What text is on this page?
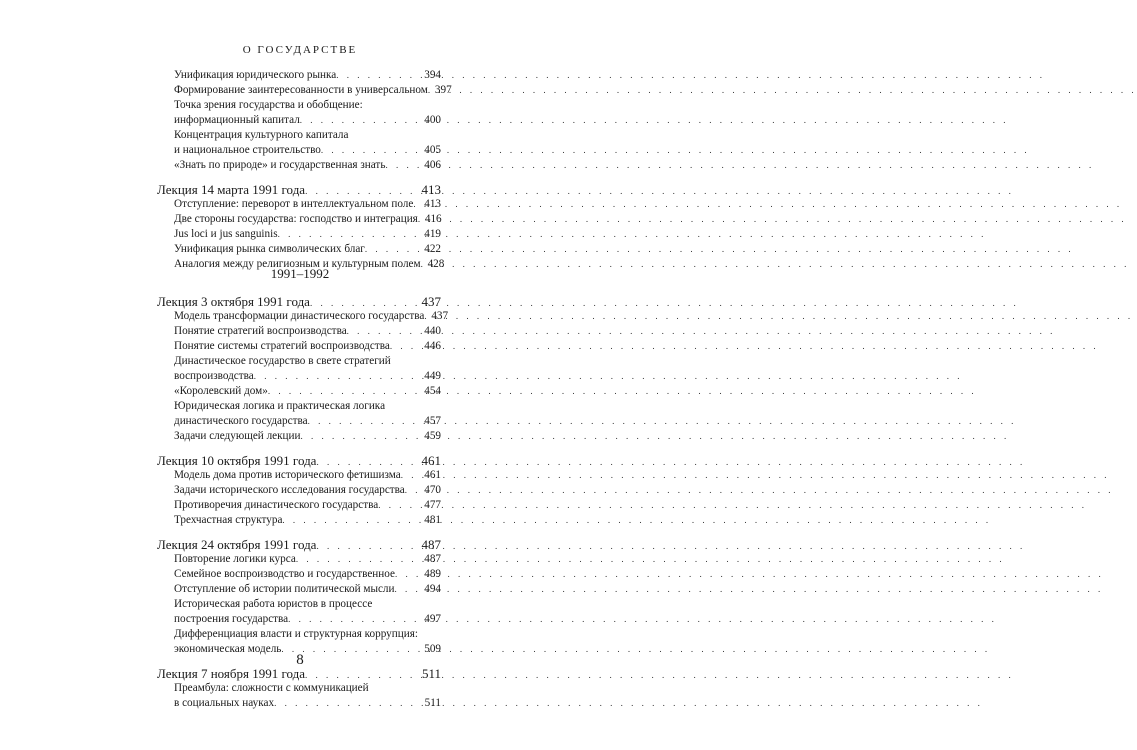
О ГОСУДАРСТВЕ
Унификация юридического рынка . . .	394
Формирование заинтересованности в универсальном . . . 397
Точка зрения государства и обобщение:
информационный капитал . . .	400
Концентрация культурного капитала
и национальное строительство . . .	405
«Знать по природе» и государственная знать . . .	406
Лекция 14 марта 1991 года . . .	413
Отступление: переворот в интеллектуальном поле . . . 413
Две стороны государства: господство и интеграция . . . 416
Jus loci и jus sanguinis . . .	419
Унификация рынка символических благ . . .	422
Аналогия между религиозным и культурным полем . . . 428
Лекция 3 октября 1991 года . . .	437
Модель трансформации династического государства . . . 437
Понятие стратегий воспроизводства . . .	440
Понятие системы стратегий воспроизводства . . .	446
Династическое государство в свете стратегий
воспроизводства . . .	449
«Королевский дом» . . .	454
Юридическая логика и практическая логика
династического государства . . .	457
Задачи следующей лекции . . .	459
Лекция 10 октября 1991 года . . .	461
Модель дома против исторического фетишизма . . . 461
Задачи исторического исследования государства . . . 470
Противоречия династического государства . . .	477
Трехчастная структура . . .	481
Лекция 24 октября 1991 года . . .	487
Повторение логики курса . . .	487
Семейное воспроизводство и государственное . . .	489
Отступление об истории политической мысли . . .	494
Историческая работа юристов в процессе
построения государства . . .	497
Дифференциация власти и структурная коррупция:
экономическая модель . . .	509
Лекция 7 ноября 1991 года . . .	511
Преамбула: сложности с коммуникацией
в социальных науках . . .	511
1991–1992
8
